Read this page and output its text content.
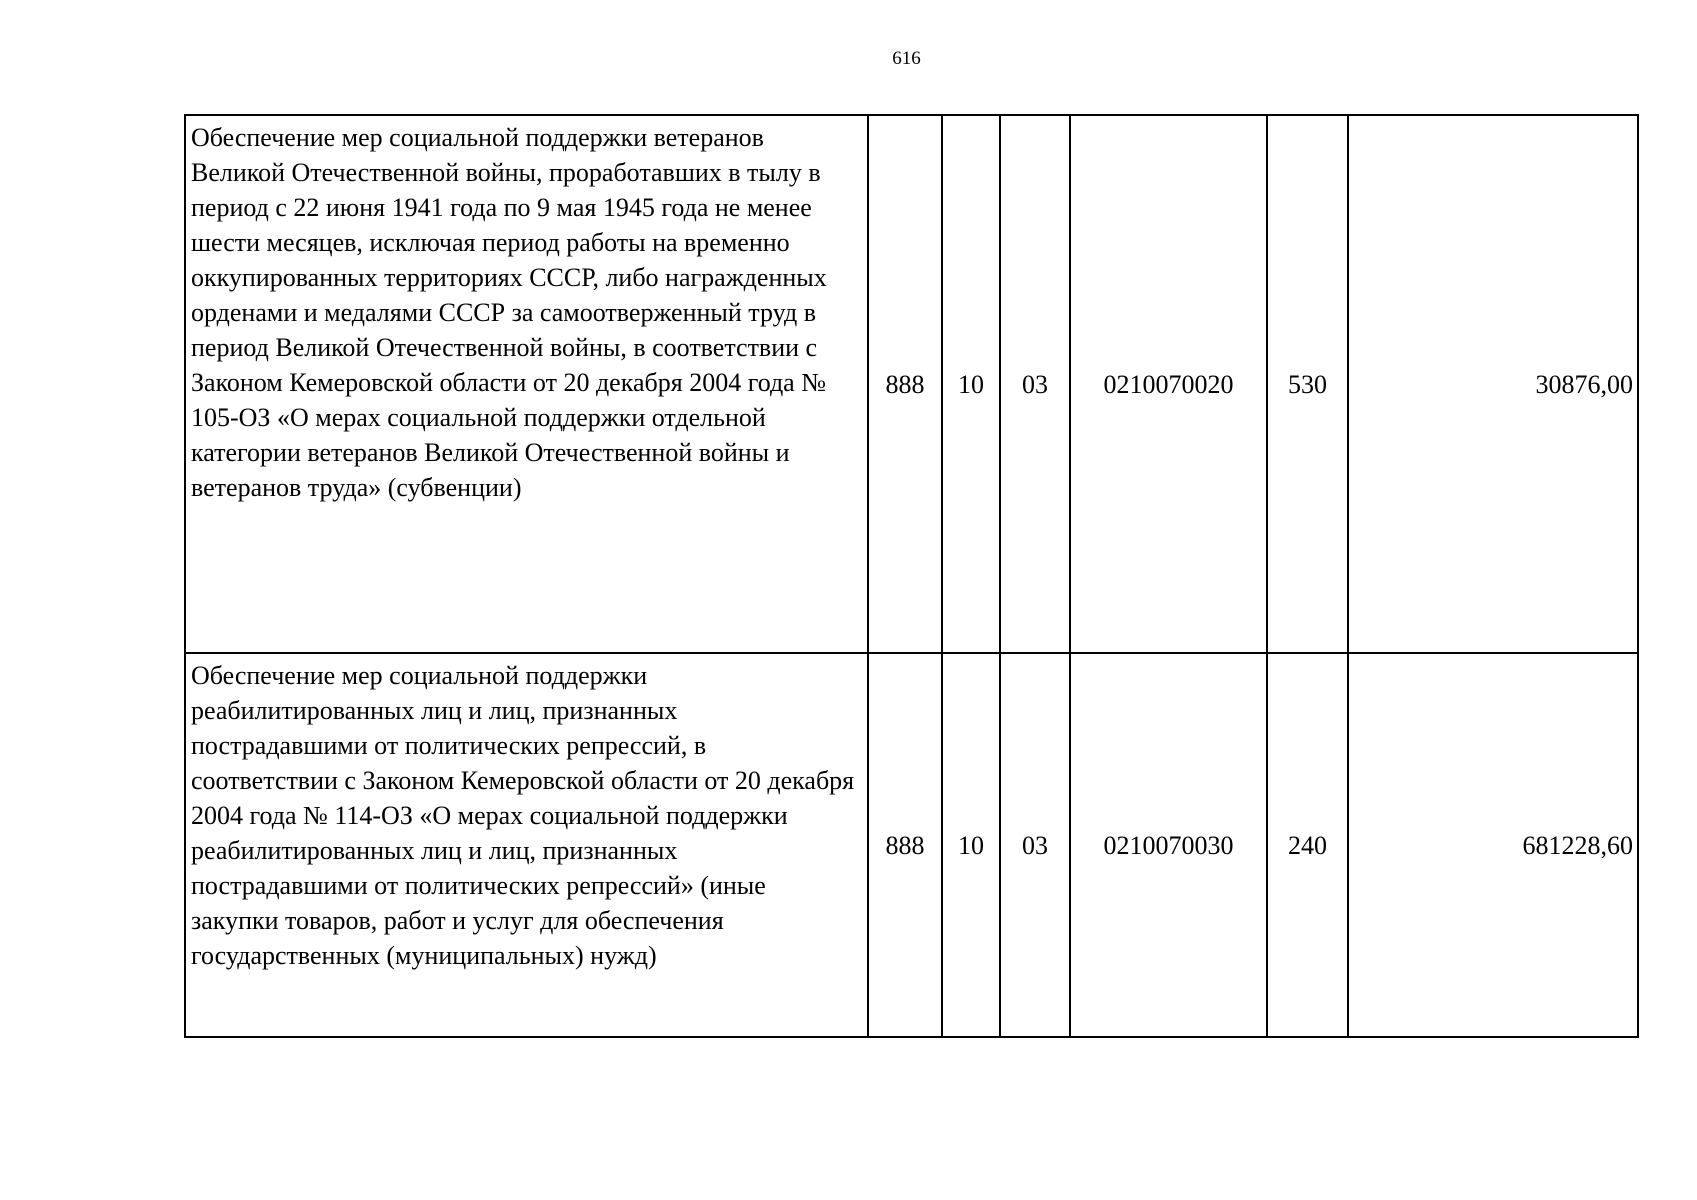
616
Обеспечение мер социальной поддержки ветеранов Великой Отечественной войны, проработавших в тылу в период с 22 июня 1941 года по 9 мая 1945 года не менее шести месяцев, исключая период работы на временно оккупированных территориях СССР, либо награжденных орденами и медалями СССР за самоотверженный труд в период Великой Отечественной войны, в соответствии с Законом Кемеровской области от 20 декабря 2004 года № 105-ОЗ «О мерах социальной поддержки отдельной категории ветеранов Великой Отечественной войны и ветеранов труда» (субвенции)	888	10	03	0210070020	530	30876,00
Обеспечение мер социальной поддержки реабилитированных лиц и лиц, признанных пострадавшими от политических репрессий, в соответствии с Законом Кемеровской области от 20 декабря 2004 года № 114-ОЗ «О мерах социальной поддержки реабилитированных лиц и лиц, признанных пострадавшими от политических репрессий» (иные закупки товаров, работ и услуг для обеспечения государственных (муниципальных) нужд)	888	10	03	0210070030	240	681228,60
